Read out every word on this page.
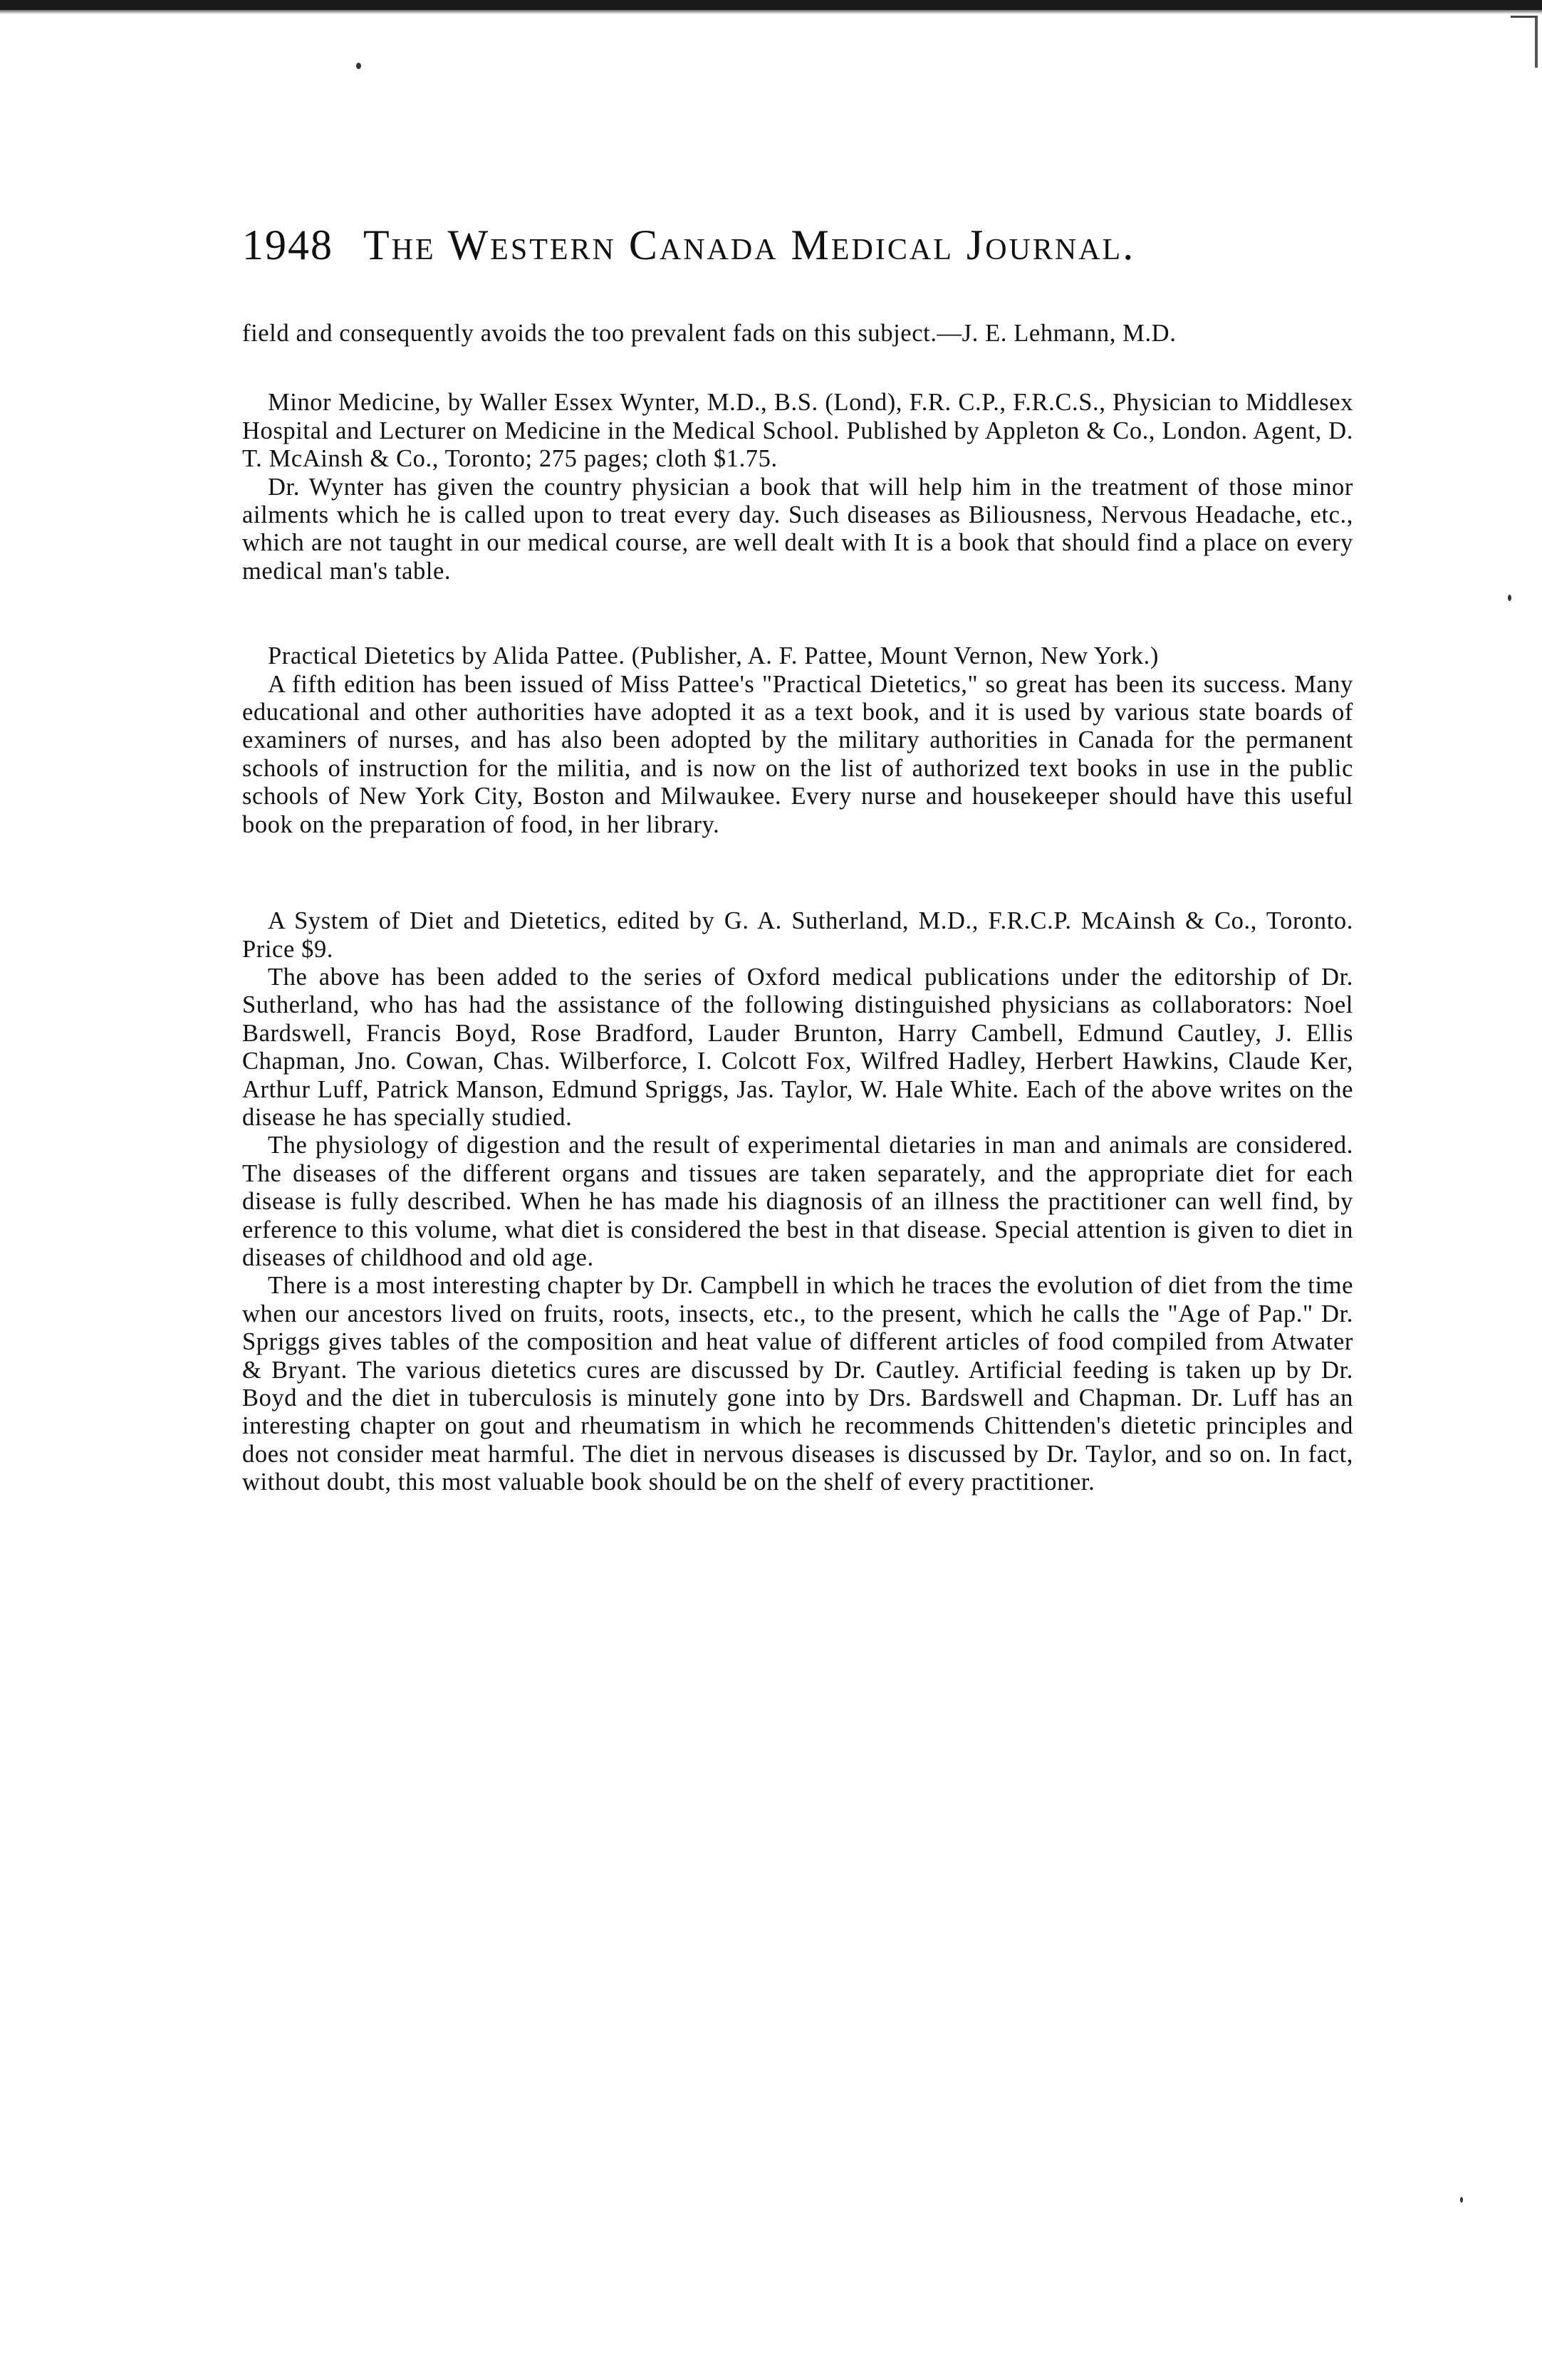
1948 The Western Canada Medical Journal.

field and consequently avoids the too prevalent fads on this subject.—J. E. Lehmann, M.D.

Minor Medicine, by Waller Essex Wynter, M.D., B.S. (Lond), F.R. C.P., F.R.C.S., Physician to Middlesex Hospital and Lecturer on Medicine in the Medical School. Published by Appleton & Co., London. Agent, D. T. McAinsh & Co., Toronto; 275 pages; cloth $1.75.

Dr. Wynter has given the country physician a book that will help him in the treatment of those minor ailments which he is called upon to treat every day. Such diseases as Biliousness, Nervous Headache, etc., which are not taught in our medical course, are well dealt with It is a book that should find a place on every medical man's table.

Practical Dietetics by Alida Pattee. (Publisher, A. F. Pattee, Mount Vernon, New York.)

A fifth edition has been issued of Miss Pattee's "Practical Dietetics," so great has been its success. Many educational and other authorities have adopted it as a text book, and it is used by various state boards of examiners of nurses, and has also been adopted by the military authorities in Canada for the permanent schools of instruction for the militia, and is now on the list of authorized text books in use in the public schools of New York City, Boston and Milwaukee. Every nurse and housekeeper should have this useful book on the preparation of food, in her library.

A System of Diet and Dietetics, edited by G. A. Sutherland, M.D., F.R.C.P. McAinsh & Co., Toronto. Price $9.

The above has been added to the series of Oxford medical publications under the editorship of Dr. Sutherland, who has had the assistance of the following distinguished physicians as collaborators: Noel Bardswell, Francis Boyd, Rose Bradford, Lauder Brunton, Harry Cambell, Edmund Cautley, J. Ellis Chapman, Jno. Cowan, Chas. Wilberforce, I. Colcott Fox, Wilfred Hadley, Herbert Hawkins, Claude Ker, Arthur Luff, Patrick Manson, Edmund Spriggs, Jas. Taylor, W. Hale White. Each of the above writes on the disease he has specially studied.

The physiology of digestion and the result of experimental dietaries in man and animals are considered. The diseases of the different organs and tissues are taken separately, and the appropriate diet for each disease is fully described. When he has made his diagnosis of an illness the practitioner can well find, by erference to this volume, what diet is considered the best in that disease. Special attention is given to diet in diseases of childhood and old age.

There is a most interesting chapter by Dr. Campbell in which he traces the evolution of diet from the time when our ancestors lived on fruits, roots, insects, etc., to the present, which he calls the "Age of Pap." Dr. Spriggs gives tables of the composition and heat value of different articles of food compiled from Atwater & Bryant. The various dietetics cures are discussed by Dr. Cautley. Artificial feeding is taken up by Dr. Boyd and the diet in tuberculosis is minutely gone into by Drs. Bardswell and Chapman. Dr. Luff has an interesting chapter on gout and rheumatism in which he recommends Chittenden's dietetic principles and does not consider meat harmful. The diet in nervous diseases is discussed by Dr. Taylor, and so on. In fact, without doubt, this most valuable book should be on the shelf of every practitioner.
